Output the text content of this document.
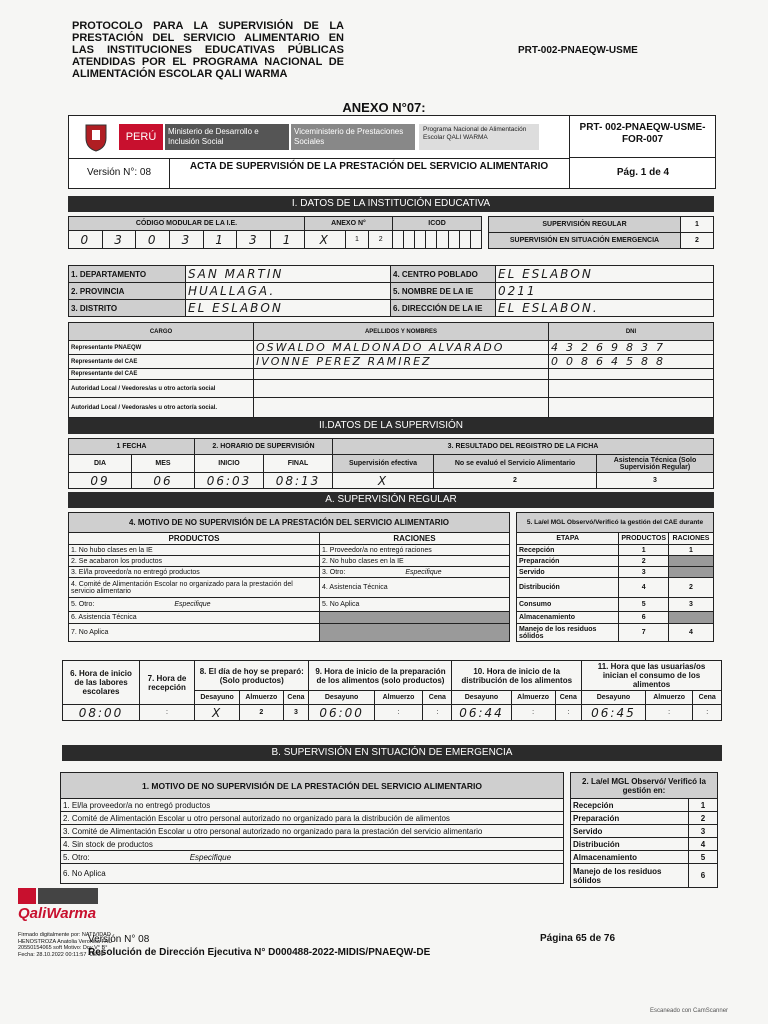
PROTOCOLO PARA LA SUPERVISIÓN DE LA PRESTACIÓN DEL SERVICIO ALIMENTARIO EN LAS INSTITUCIONES EDUCATIVAS PÚBLICAS ATENDIDAS POR EL PROGRAMA NACIONAL DE ALIMENTACIÓN ESCOLAR QALI WARMA
PRT-002-PNAEQW-USME
ANEXO N°07:
PERÚ	Ministerio de Desarrollo e Inclusión Social
Viceministerio de Prestaciones Sociales
Programa Nacional de Alimentación Escolar QALI WARMA
PRT- 002-PNAEQW-USME-FOR-007
Versión N°: 08
ACTA DE SUPERVISIÓN DE LA PRESTACIÓN DEL SERVICIO ALIMENTARIO
Pág. 1 de 4
I. DATOS DE LA INSTITUCIÓN EDUCATIVA
CÓDIGO MODULAR DE LA I.E.							ANEXO N°			ICOD							
0	3	0	3	1	3	1	X	1	2								
SUPERVISIÓN REGULAR	1
SUPERVISIÓN EN SITUACIÓN EMERGENCIA	2
1. DEPARTAMENTO	SAN MARTIN	4. CENTRO POBLADO	EL ESLABON
2. PROVINCIA	HUALLAGA.	5. NOMBRE DE LA IE	0211
3. DISTRITO	EL ESLABON	6. DIRECCIÓN DE LA IE	EL ESLABON.
CARGO	APELLIDOS Y NOMBRES	DNI
Representante PNAEQW	OSWALDO MALDONADO ALVARADO	43269837
Representante del CAE	IVONNE PEREZ RAMIREZ	00864588
Representante del CAE		
Autoridad Local / Veedores/as u otro actor/a social		
Autoridad Local / Veedoras/es u otro actor/a social.		
II.DATOS DE LA SUPERVISIÓN
1 FECHA		2. HORARIO DE SUPERVISIÓN		3. RESULTADO DEL REGISTRO DE LA FICHA		
DIA	MES	INICIO	FINAL	Supervisión efectiva	No se evaluó el Servicio Alimentario	Asistencia Técnica (Solo Supervisión Regular)
09	06	06:03	08:13	X	2	3
A. SUPERVISIÓN REGULAR
4. MOTIVO DE NO SUPERVISIÓN DE LA PRESTACIÓN DEL SERVICIO ALIMENTARIO	
PRODUCTOS	RACIONES
1. No hubo clases en la IE	1. Proveedor/a no entregó raciones
2. Se acabaron los productos	2. No hubo clases en la IE
3. El/la proveedor/a no entregó productos	3. Otro: Especifique
4. Comité de Alimentación Escolar no organizado para la prestación del servicio alimentario	4. Asistencia Técnica
5. Otro: Especifique	5. No Aplica
6. Asistencia Técnica	
7. No Aplica	
5. La/el MGL Observó/Verificó la gestión del CAE durante		
ETAPA	PRODUCTOS	RACIONES
Recepción	1	1
Preparación	2	
Servido	3	
Distribución	4	2
Consumo	5	3
Almacenamiento	6	
Manejo de los residuos sólidos	7	4
6. Hora de inicio de las labores escolares	7. Hora de recepción	8. El día de hoy se preparó: (Solo productos)			9. Hora de inicio de la preparación de los alimentos (solo productos)			10. Hora de inicio de la distribución de los alimentos			11. Hora que las usuarias/os inician el consumo de los alimentos		
		Desayuno	Almuerzo	Cena	Desayuno	Almuerzo	Cena	Desayuno	Almuerzo	Cena	Desayuno	Almuerzo	Cena
08:00	:	X	2	3	06:00	:	:	06:44	:	:	06:45	:	:
B. SUPERVISIÓN EN SITUACIÓN DE EMERGENCIA
1. MOTIVO DE NO SUPERVISIÓN DE LA PRESTACIÓN DEL SERVICIO ALIMENTARIO
1. El/la proveedor/a no entregó productos
2. Comité de Alimentación Escolar u otro personal autorizado no organizado para la distribución de alimentos
3. Comité de Alimentación Escolar u otro personal autorizado no organizado para la prestación del servicio alimentario
4. Sin stock de productos
5. Otro:	Especifique
6. No Aplica
2. La/el MGL Observó/ Verificó la gestión en:	
Recepción	1
Preparación	2
Servido	3
Distribución	4
Almacenamiento	5
Manejo de los residuos sólidos	6
QaliWarma
Firmado digitalmente por: NATIVIDAD HENOSTROZA Anatolia Veronica FAU 20550154065 soft Motivo: Doy V° B° Fecha: 28.10.2022 00:11:57 -05:00
Versión N° 08	Página 65 de 76
Resolución de Dirección Ejecutiva N° D000488-2022-MIDIS/PNAEQW-DE
Escaneado con CamScanner
